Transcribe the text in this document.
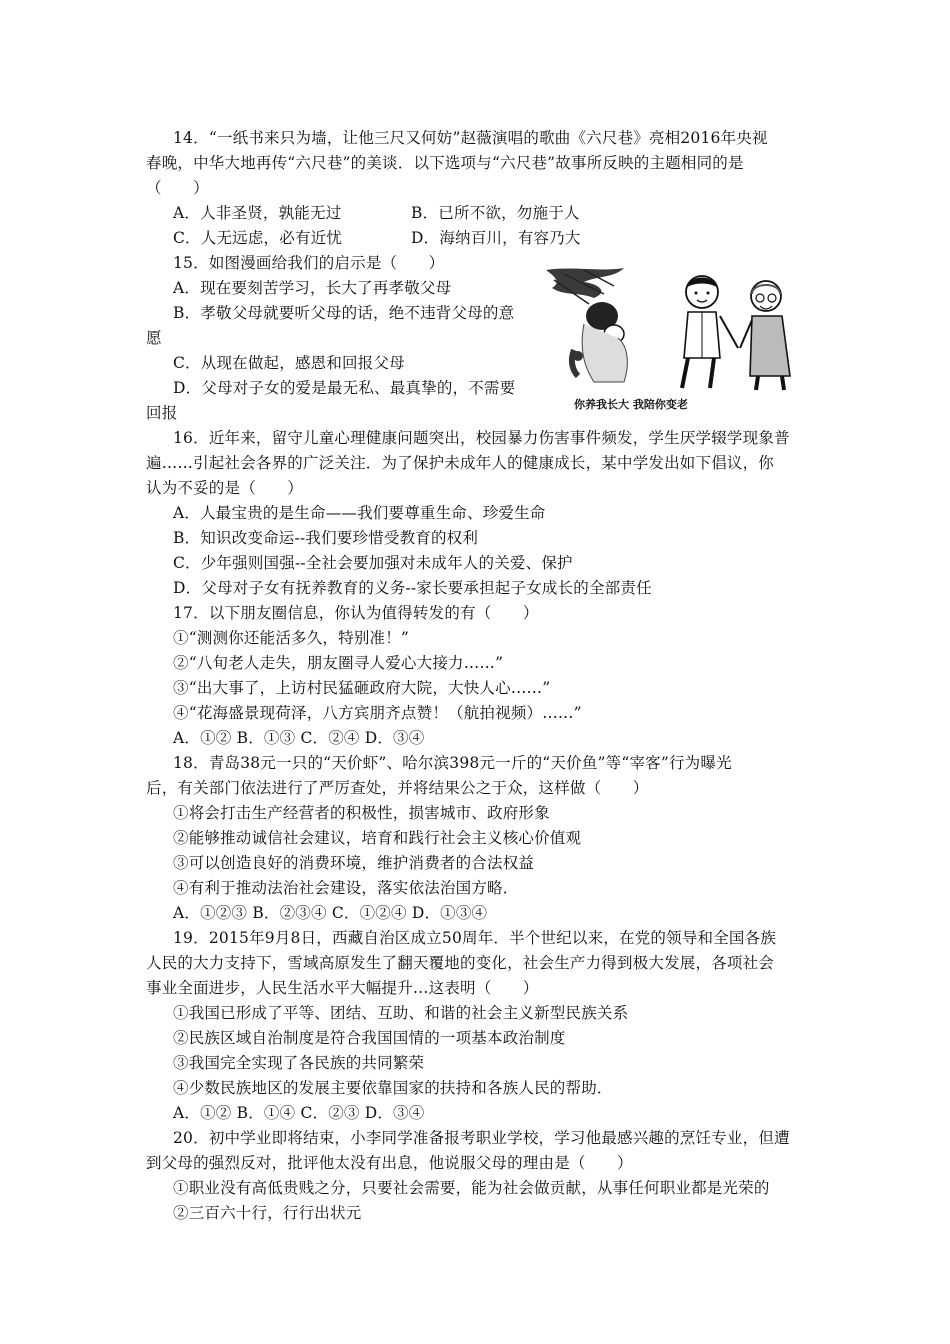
14．“一纸书来只为墙，让他三尺又何妨”赵薇演唱的歌曲《六尺巷》亮相2016年央视
春晚，中华大地再传“六尺巷”的美谈．以下选项与“六尺巷”故事所反映的主题相同的是
（　　）
A．人非圣贤，孰能无过	B．已所不欲，勿施于人
C．人无远虑，必有近忧	D．海纳百川，有容乃大
15．如图漫画给我们的启示是（　　）
A．现在要刻苦学习，长大了再孝敬父母
B．孝敬父母就要听父母的话，绝不违背父母的意
愿
C．从现在做起，感恩和回报父母
D．父母对子女的爱是最无私、最真挚的，不需要
回报	你养我长大 我陪你变老
16．近年来，留守儿童心理健康问题突出，校园暴力伤害事件频发，学生厌学辍学现象普
遍……引起社会各界的广泛关注．为了保护未成年人的健康成长，某中学发出如下倡议，你
认为不妥的是（　　）
A．人最宝贵的是生命——我们要尊重生命、珍爱生命
B．知识改变命运--我们要珍惜受教育的权利
C．少年强则国强--全社会要加强对未成年人的关爱、保护
D．父母对子女有抚养教育的义务--家长要承担起子女成长的全部责任
17．以下朋友圈信息，你认为值得转发的有（　　）
①“测测你还能活多久，特别准！”
②“八旬老人走失，朋友圈寻人爱心大接力……”
③“出大事了，上访村民猛砸政府大院，大快人心……”
④“花海盛景现荷泽，八方宾朋齐点赞！（航拍视频）……”
A．①② B．①③ C．②④ D．③④
18．青岛38元一只的“天价虾”、哈尔滨398元一斤的“天价鱼”等“宰客”行为曝光
后，有关部门依法进行了严厉查处，并将结果公之于众，这样做（　　）
①将会打击生产经营者的积极性，损害城市、政府形象
②能够推动诚信社会建议，培育和践行社会主义核心价值观
③可以创造良好的消费环境，维护消费者的合法权益
④有利于推动法治社会建设，落实依法治国方略．
A．①②③ B．②③④ C．①②④ D．①③④
19．2015年9月8日，西藏自治区成立50周年．半个世纪以来，在党的领导和全国各族
人民的大力支持下，雪域高原发生了翻天覆地的变化，社会生产力得到极大发展，各项社会
事业全面进步，人民生活水平大幅提升…这表明（　　）
①我国已形成了平等、团结、互助、和谐的社会主义新型民族关系
②民族区域自治制度是符合我国国情的一项基本政治制度
③我国完全实现了各民族的共同繁荣
④少数民族地区的发展主要依靠国家的扶持和各族人民的帮助．
A．①② B．①④ C．②③ D．③④
20．初中学业即将结束，小李同学准备报考职业学校，学习他最感兴趣的烹饪专业，但遭
到父母的强烈反对，批评他太没有出息，他说服父母的理由是（　　）
①职业没有高低贵贱之分，只要社会需要，能为社会做贡献，从事任何职业都是光荣的
②三百六十行，行行出状元
